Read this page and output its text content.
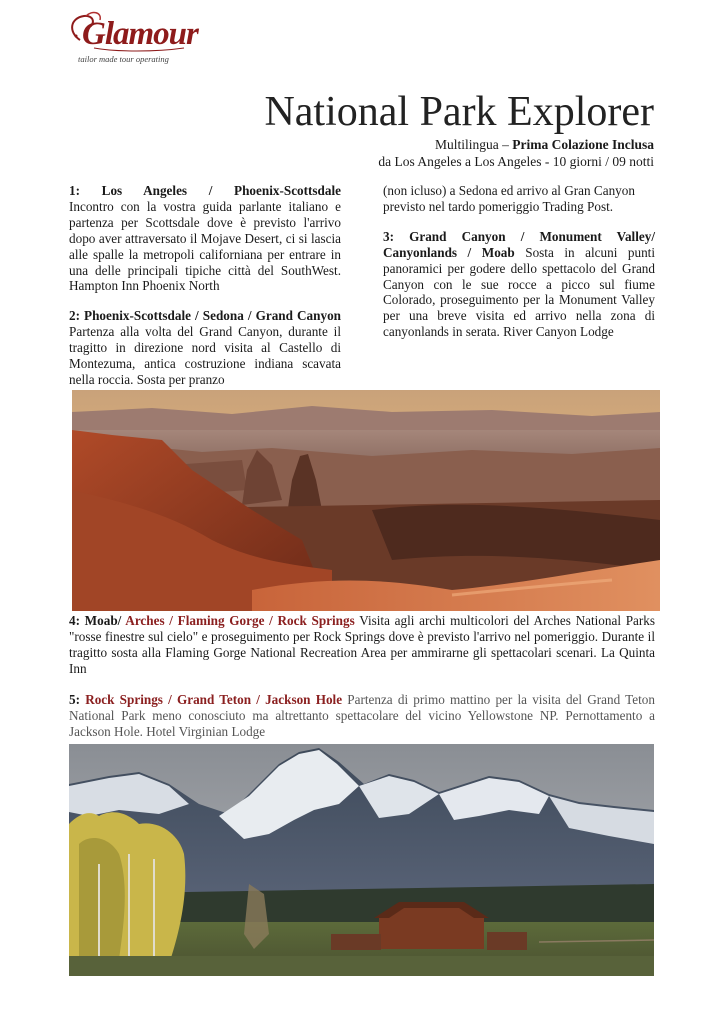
Glamour
tailor made tour operating
National Park Explorer
Multilingua – Prima Colazione Inclusa
da Los Angeles a Los Angeles - 10 giorni / 09 notti

1: Los Angeles / Phoenix-Scottsdale
Incontro con la vostra guida parlante italiano e partenza per Scottsdale dove è previsto l'arrivo dopo aver attraversato il Mojave Desert, ci si lascia alle spalle la metropoli californiana per entrare in una delle principali tipiche città del SouthWest. Hampton Inn Phoenix North

2: Phoenix-Scottsdale / Sedona / Grand Canyon Partenza alla volta del Grand Canyon, durante il tragitto in direzione nord visita al Castello di Montezuma, antica costruzione indiana scavata nella roccia. Sosta per pranzo

(non icluso) a Sedona ed arrivo al Gran Canyon previsto nel tardo pomeriggio Trading Post.

3: Grand Canyon / Monument Valley/ Canyonlands / Moab Sosta in alcuni punti panoramici per godere dello spettacolo del Grand Canyon con le sue rocce a picco sul fiume Colorado, proseguimento per la Monument Valley per una breve visita ed arrivo nella zona di canyonlands in serata. River Canyon Lodge

4: Moab/ Arches / Flaming Gorge / Rock Springs Visita agli archi multicolori del Arches National Parks "rosse finestre sul cielo" e proseguimento per Rock Springs dove è previsto l'arrivo nel pomeriggio. Durante il tragitto sosta alla Flaming Gorge National Recreation Area per ammirarne gli spettacolari scenari. La Quinta Inn
5: Rock Springs / Grand Teton / Jackson Hole Partenza di primo mattino per la visita del Grand Teton National Park meno conosciuto ma altrettanto spettacolare del vicino Yellowstone NP. Pernottamento a Jackson Hole. Hotel Virginian Lodge
